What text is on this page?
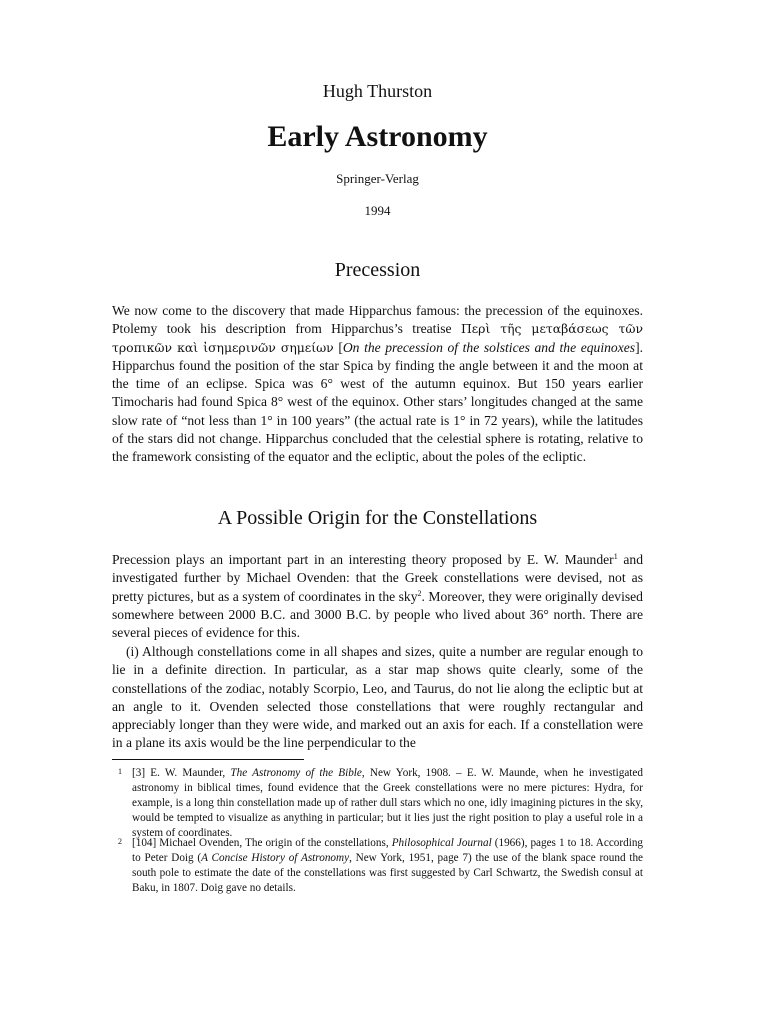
Hugh Thurston
Early Astronomy
Springer-Verlag
1994
Precession

We now come to the discovery that made Hipparchus famous: the precession of the equinoxes. Ptolemy took his description from Hipparchus’s treatise Περὶ τῆς μεταβάσεως τῶν τροπικῶν καὶ ἰσημερινῶν σημείων [On the precession of the solstices and the equinoxes]. Hipparchus found the position of the star Spica by finding the angle between it and the moon at the time of an eclipse. Spica was 6° west of the autumn equinox. But 150 years earlier Timocharis had found Spica 8° west of the equinox. Other stars’ longitudes changed at the same slow rate of “not less than 1° in 100 years” (the actual rate is 1° in 72 years), while the latitudes of the stars did not change. Hipparchus concluded that the celestial sphere is rotating, relative to the framework consisting of the equator and the ecliptic, about the poles of the ecliptic.

A Possible Origin for the Constellations

Precession plays an important part in an interesting theory proposed by E. W. Maunder$^1$ and investigated further by Michael Ovenden: that the Greek constellations were devised, not as pretty pictures, but as a system of coordinates in the sky$^2$. Moreover, they were originally devised somewhere between 2000 B.C. and 3000 B.C. by people who lived about 36° north. There are several pieces of evidence for this.

(i) Although constellations come in all shapes and sizes, quite a number are regular enough to lie in a definite direction. In particular, as a star map shows quite clearly, some of the constellations of the zodiac, notably Scorpio, Leo, and Taurus, do not lie along the ecliptic but at an angle to it. Ovenden selected those constellations that were roughly rectangular and appreciably longer than they were wide, and marked out an axis for each. If a constellation were in a plane its axis would be the line perpendicular to the

1 [3] E. W. Maunder, The Astronomy of the Bible, New York, 1908. – E. W. Maunde, when he investigated astronomy in biblical times, found evidence that the Greek constellations were no mere pictures: Hydra, for example, is a long thin constellation made up of rather dull stars which no one, idly imagining pictures in the sky, would be tempted to visualize as anything in particular; but it lies just the right position to play a useful role in a system of coordinates.
2 [104] Michael Ovenden, The origin of the constellations, Philosophical Journal (1966), pages 1 to 18. According to Peter Doig (A Concise History of Astronomy, New York, 1951, page 7) the use of the blank space round the south pole to estimate the date of the constellations was first suggested by Carl Schwartz, the Swedish consul at Baku, in 1807. Doig gave no details.
